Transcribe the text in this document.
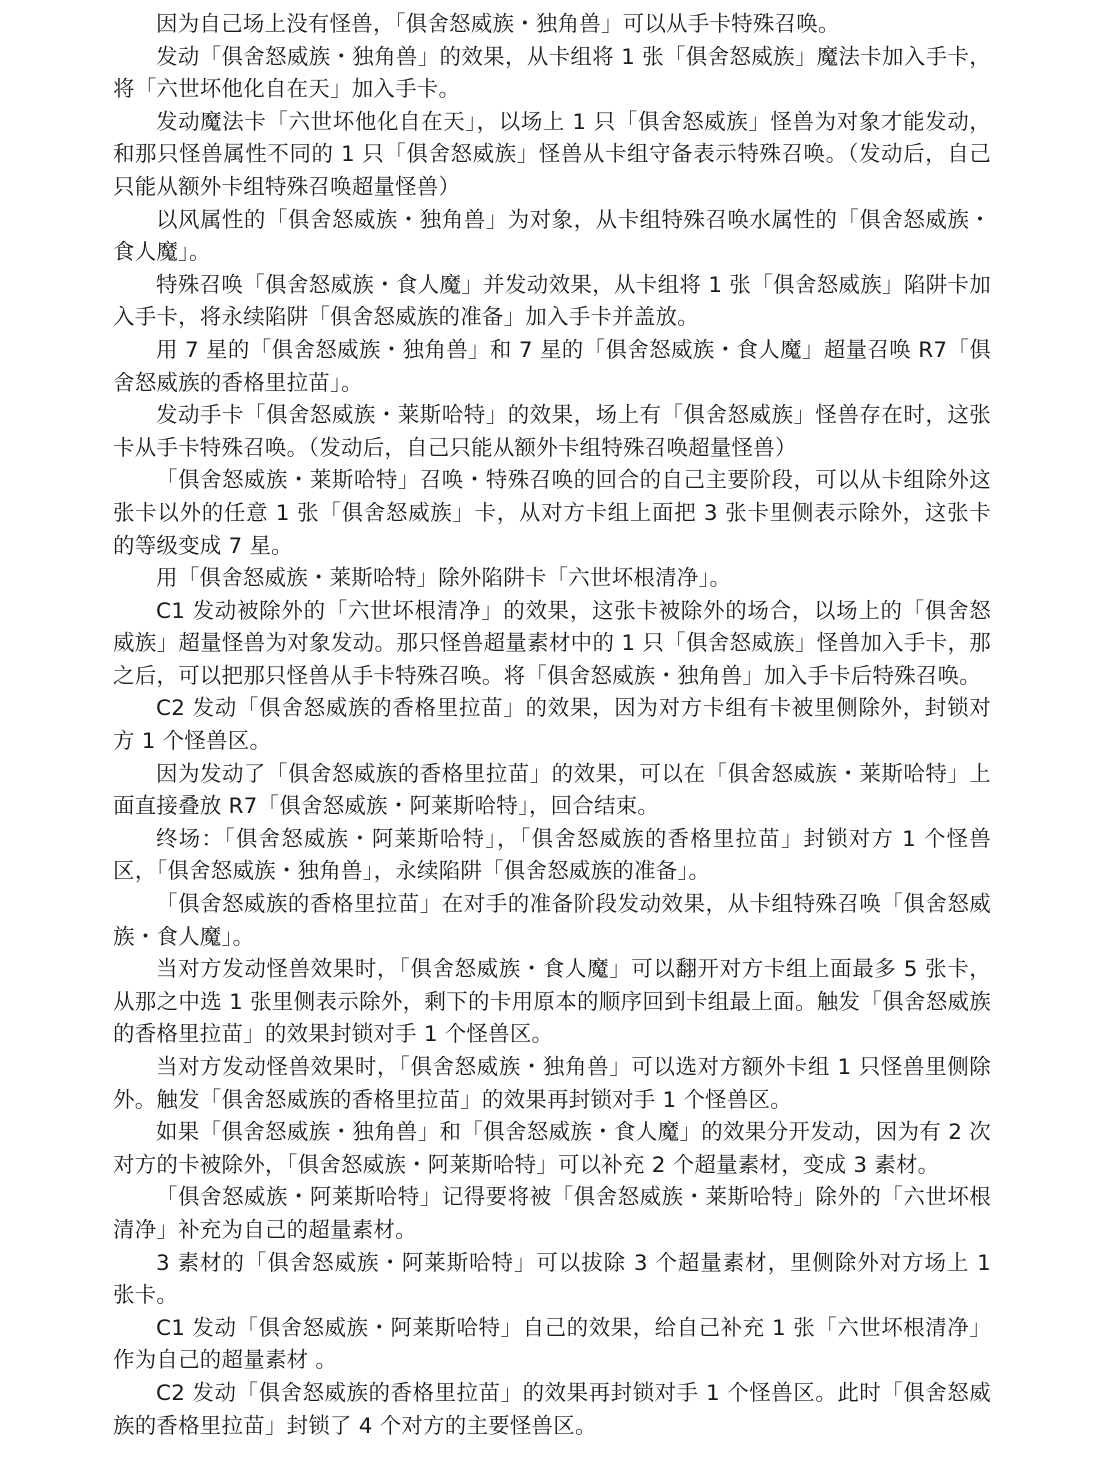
因为自己场上没有怪兽，「俱舍怒威族・独角兽」可以从手卡特殊召唤。

发动「俱舍怒威族・独角兽」的效果，从卡组将 1 张「俱舍怒威族」魔法卡加入手卡，将「六世坏他化自在天」加入手卡。

发动魔法卡「六世坏他化自在天」，以场上 1 只「俱舍怒威族」怪兽为对象才能发动，和那只怪兽属性不同的 1 只「俱舍怒威族」怪兽从卡组守备表示特殊召唤。（发动后，自己只能从额外卡组特殊召唤超量怪兽）

以风属性的「俱舍怒威族・独角兽」为对象，从卡组特殊召唤水属性的「俱舍怒威族・食人魔」。

特殊召唤「俱舍怒威族・食人魔」并发动效果，从卡组将 1 张「俱舍怒威族」陷阱卡加入手卡，将永续陷阱「俱舍怒威族的准备」加入手卡并盖放。

用 7 星的「俱舍怒威族・独角兽」和 7 星的「俱舍怒威族・食人魔」超量召唤 R7「俱舍怒威族的香格里拉苗」。

发动手卡「俱舍怒威族・莱斯哈特」的效果，场上有「俱舍怒威族」怪兽存在时，这张卡从手卡特殊召唤。（发动后，自己只能从额外卡组特殊召唤超量怪兽）

「俱舍怒威族・莱斯哈特」召唤・特殊召唤的回合的自己主要阶段，可以从卡组除外这张卡以外的任意 1 张「俱舍怒威族」卡，从对方卡组上面把 3 张卡里侧表示除外，这张卡的等级变成 7 星。

用「俱舍怒威族・莱斯哈特」除外陷阱卡「六世坏根清净」。

C1 发动被除外的「六世坏根清净」的效果，这张卡被除外的场合，以场上的「俱舍怒威族」超量怪兽为对象发动。那只怪兽超量素材中的 1 只「俱舍怒威族」怪兽加入手卡，那之后，可以把那只怪兽从手卡特殊召唤。将「俱舍怒威族・独角兽」加入手卡后特殊召唤。

C2 发动「俱舍怒威族的香格里拉苗」的效果，因为对方卡组有卡被里侧除外，封锁对方 1 个怪兽区。

因为发动了「俱舍怒威族的香格里拉苗」的效果，可以在「俱舍怒威族・莱斯哈特」上面直接叠放 R7「俱舍怒威族・阿莱斯哈特」，回合结束。

终场：「俱舍怒威族・阿莱斯哈特」，「俱舍怒威族的香格里拉苗」封锁对方 1 个怪兽区，「俱舍怒威族・独角兽」，永续陷阱「俱舍怒威族的准备」。

「俱舍怒威族的香格里拉苗」在对手的准备阶段发动效果，从卡组特殊召唤「俱舍怒威族・食人魔」。

当对方发动怪兽效果时，「俱舍怒威族・食人魔」可以翻开对方卡组上面最多 5 张卡，从那之中选 1 张里侧表示除外，剩下的卡用原本的顺序回到卡组最上面。触发「俱舍怒威族的香格里拉苗」的效果封锁对手 1 个怪兽区。

当对方发动怪兽效果时，「俱舍怒威族・独角兽」可以选对方额外卡组 1 只怪兽里侧除外。触发「俱舍怒威族的香格里拉苗」的效果再封锁对手 1 个怪兽区。

如果「俱舍怒威族・独角兽」和「俱舍怒威族・食人魔」的效果分开发动，因为有 2 次对方的卡被除外，「俱舍怒威族・阿莱斯哈特」可以补充 2 个超量素材，变成 3 素材。

「俱舍怒威族・阿莱斯哈特」记得要将被「俱舍怒威族・莱斯哈特」除外的「六世坏根清净」补充为自己的超量素材。

3 素材的「俱舍怒威族・阿莱斯哈特」可以拔除 3 个超量素材，里侧除外对方场上 1 张卡。

C1 发动「俱舍怒威族・阿莱斯哈特」自己的效果，给自己补充 1 张「六世坏根清净」作为自己的超量素材 。

C2 发动「俱舍怒威族的香格里拉苗」的效果再封锁对手 1 个怪兽区。此时「俱舍怒威族的香格里拉苗」封锁了 4 个对方的主要怪兽区。
